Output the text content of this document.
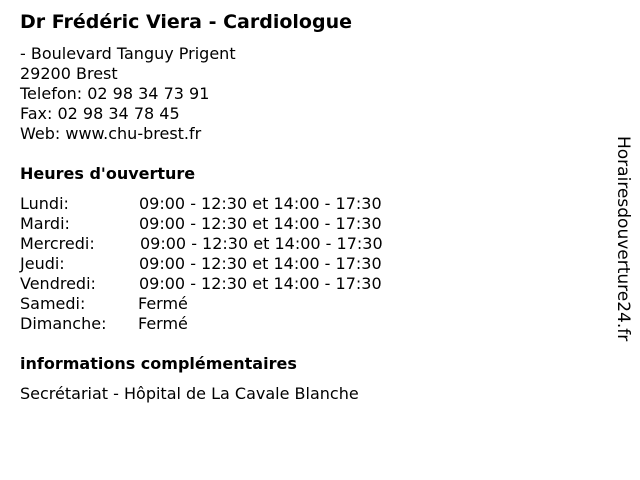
Dr Frédéric Viera - Cardiologue
- Boulevard Tanguy Prigent
29200 Brest
Telefon: 02 98 34 73 91
Fax: 02 98 34 78 45
Web: www.chu-brest.fr
Heures d'ouverture
Lundi:	09:00 - 12:30 et 14:00 - 17:30
Mardi:	09:00 - 12:30 et 14:00 - 17:30
Mercredi:	09:00 - 12:30 et 14:00 - 17:30
Jeudi:	09:00 - 12:30 et 14:00 - 17:30
Vendredi:	09:00 - 12:30 et 14:00 - 17:30
Samedi:	Fermé
Dimanche: Fermé
informations complémentaires
Secrétariat - Hôpital de La Cavale Blanche
Horairesdouverture24.fr
